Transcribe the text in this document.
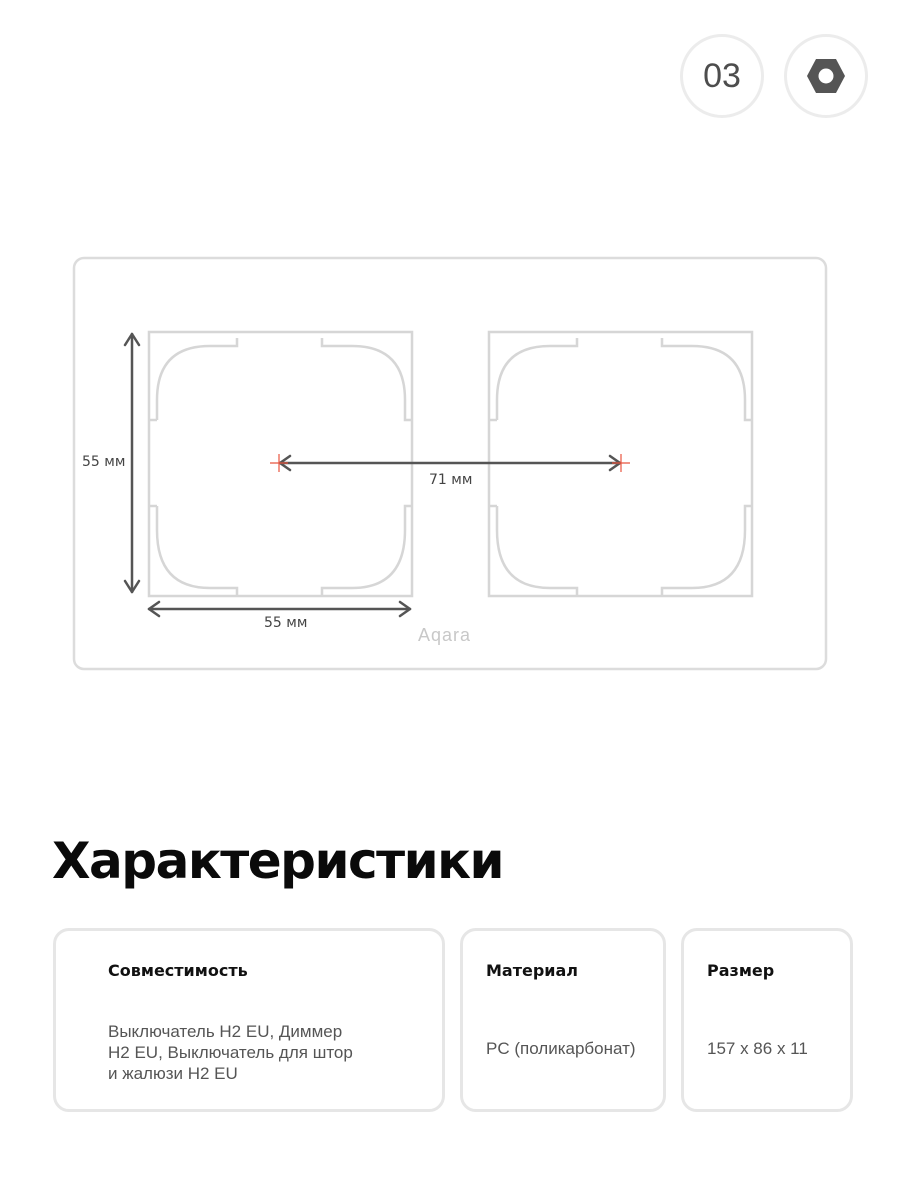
03
55 мм
55 мм
71 мм
Aqara
Характеристики
Совместимость
Выключатель H2 EU, Диммер
H2 EU, Выключатель для штор
и жалюзи H2 EU
Материал
PC (поликарбонат)
Размер
157 x 86 x 11
